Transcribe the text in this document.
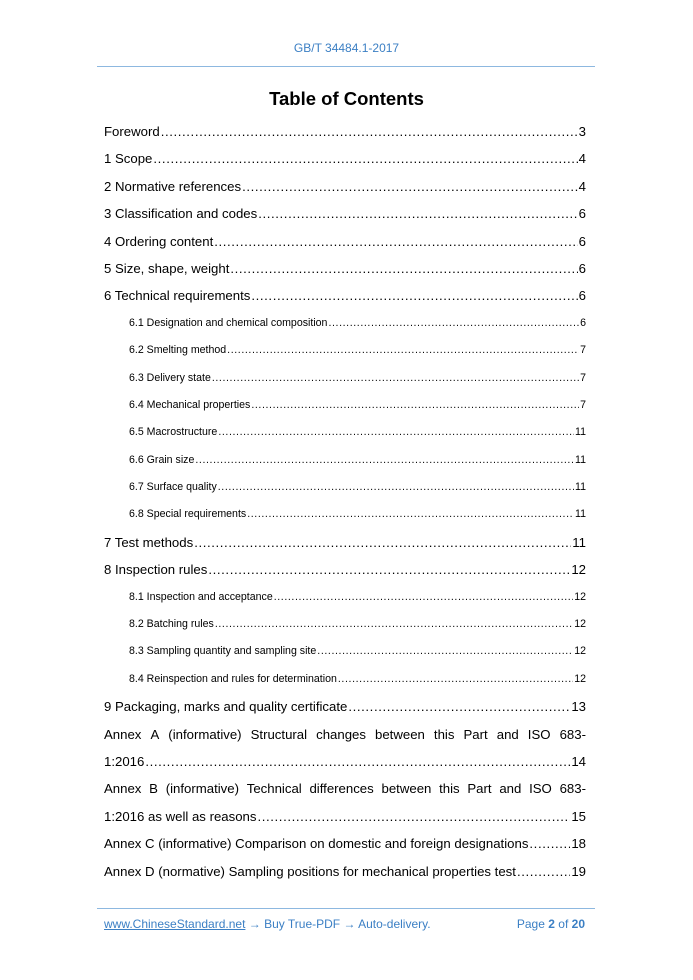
GB/T 34484.1-2017
Table of Contents
Foreword .....	3
1 Scope .....	4
2 Normative references .....	4
3 Classification and codes .....	6
4 Ordering content .....	6
5 Size, shape, weight .....	6
6 Technical requirements .....	6
6.1 Designation and chemical composition .....	6
6.2 Smelting method .....	7
6.3 Delivery state .....	7
6.4 Mechanical properties .....	7
6.5 Macrostructure .....	11
6.6 Grain size .....	11
6.7 Surface quality .....	11
6.8 Special requirements .....	11
7 Test methods .....	11
8 Inspection rules .....	12
8.1 Inspection and acceptance .....	12
8.2 Batching rules .....	12
8.3 Sampling quantity and sampling site .....	12
8.4 Reinspection and rules for determination .....	12
9 Packaging, marks and quality certificate .....	13
Annex A (informative) Structural changes between this Part and ISO 683-
1:2016 .....	14
Annex B (informative) Technical differences between this Part and ISO 683-
1:2016 as well as reasons .....	15
Annex C (informative) Comparison on domestic and foreign designations .....	18
Annex D (normative) Sampling positions for mechanical properties test .....	19
www.ChineseStandard.net → Buy True-PDF → Auto-delivery.	Page 2 of 20
